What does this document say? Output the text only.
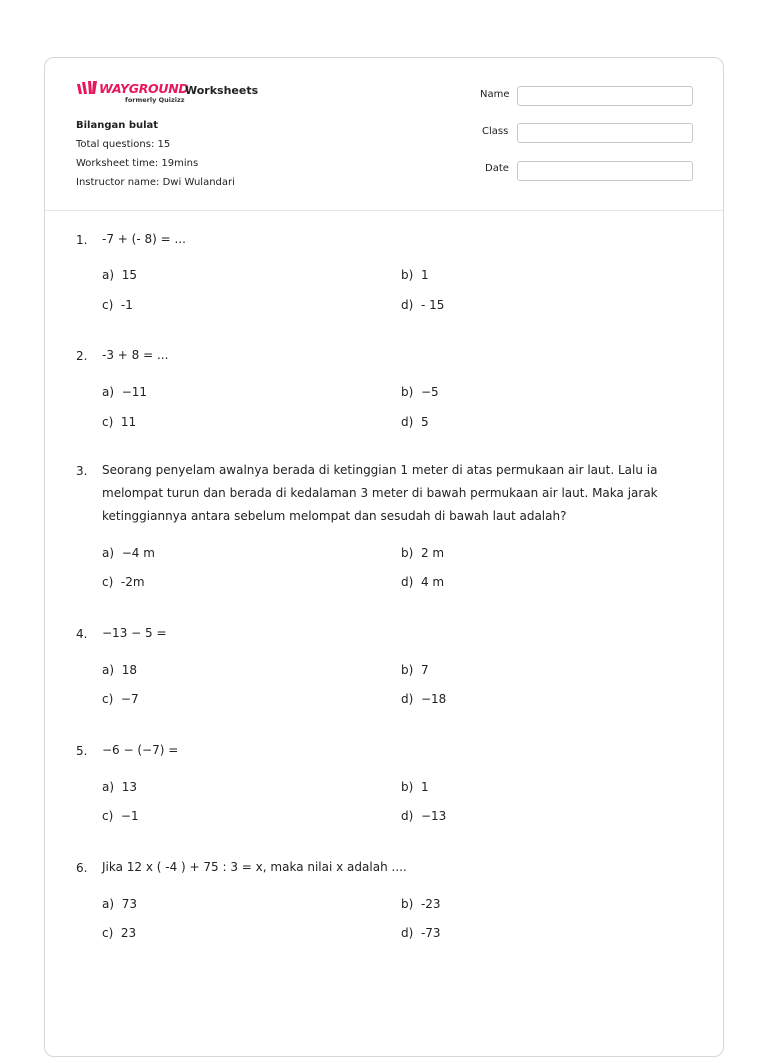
WAYGROUND
formerly Quizizz
Worksheets
Bilangan bulat
Total questions: 15
Worksheet time: 19mins
Instructor name: Dwi Wulandari
Name
Class
Date
1. -7 + (- 8) = ...
a) 15	b) 1
c) -1	d) - 15
2. -3 + 8 = ...
a) −11	b) −5
c) 11	d) 5
3. Seorang penyelam awalnya berada di ketinggian 1 meter di atas permukaan air laut. Lalu ia melompat turun dan berada di kedalaman 3 meter di bawah permukaan air laut. Maka jarak ketinggiannya antara sebelum melompat dan sesudah di bawah laut adalah?
a) −4 m	b) 2 m
c) -2m	d) 4 m
4. −13 − 5 =
a) 18	b) 7
c) −7	d) −18
5. −6 − (−7) =
a) 13	b) 1
c) −1	d) −13
6. Jika 12 x ( -4 ) + 75 : 3 = x, maka nilai x adalah ....
a) 73	b) -23
c) 23	d) -73
